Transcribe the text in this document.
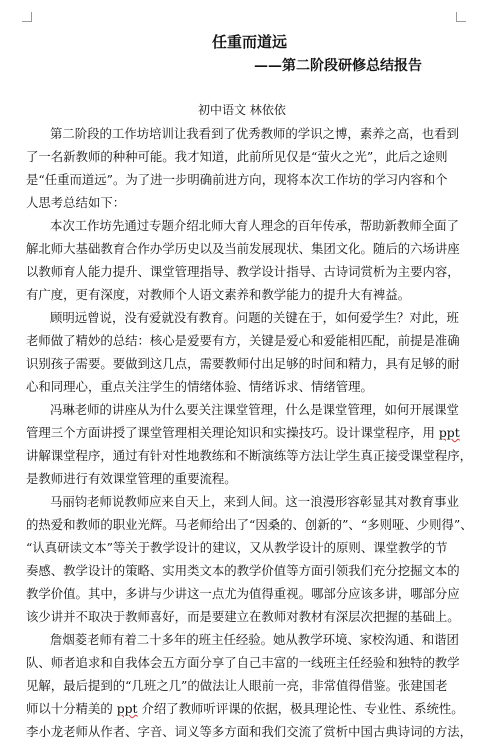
任重而道远
——第二阶段研修总结报告
初中语文 林依依
第二阶段的工作坊培训让我看到了优秀教师的学识之博，素养之高，也看到
了一名新教师的种种可能。我才知道，此前所见仅是“萤火之光”，此后之途则
是“任重而道远”。为了进一步明确前进方向，现将本次工作坊的学习内容和个
人思考总结如下：
本次工作坊先通过专题介绍北师大育人理念的百年传承，帮助新教师全面了
解北师大基础教育合作办学历史以及当前发展现状、集团文化。随后的六场讲座
以教师育人能力提升、课堂管理指导、教学设计指导、古诗词赏析为主要内容，
有广度，更有深度，对教师个人语文素养和教学能力的提升大有裨益。
顾明远曾说，没有爱就没有教育。问题的关键在于，如何爱学生？对此，班
老师做了精妙的总结：核心是爱要有方，关键是爱心和爱能相匹配，前提是准确
识别孩子需要。要做到这几点，需要教师付出足够的时间和精力，具有足够的耐
心和同理心，重点关注学生的情绪体验、情绪诉求、情绪管理。
冯琳老师的讲座从为什么要关注课堂管理，什么是课堂管理，如何开展课堂
管理三个方面讲授了课堂管理相关理论知识和实操技巧。设计课堂程序，用 ppt
讲解课堂程序，通过有针对性地教练和不断演练等方法让学生真正接受课堂程序，
是教师进行有效课堂管理的重要流程。
马丽钧老师说教师应来自天上，来到人间。这一浪漫形容彰显其对教育事业
的热爱和教师的职业光辉。马老师给出了“因桑的、创新的”、“多则哑、少则得”、
“认真研读文本”等关于教学设计的建议，又从教学设计的原则、课堂教学的节
奏感、教学设计的策略、实用类文本的教学价值等方面引领我们充分挖掘文本的
教学价值。其中，多讲与少讲这一点尤为值得重视。哪部分应该多讲，哪部分应
该少讲并不取决于教师喜好，而是要建立在教师对教材有深层次把握的基础上。
詹烟菱老师有着二十多年的班主任经验。她从教学环境、家校沟通、和谐团
队、师者追求和自我体会五方面分享了自己丰富的一线班主任经验和独特的教学
见解，最后提到的“几班之几”的做法让人眼前一亮，非常值得借鉴。张建国老
师以十分精美的 ppt 介绍了教师听评课的依据，极具理论性、专业性、系统性。
李小龙老师从作者、字音、词义等多方面和我们交流了赏析中国古典诗词的方法，
